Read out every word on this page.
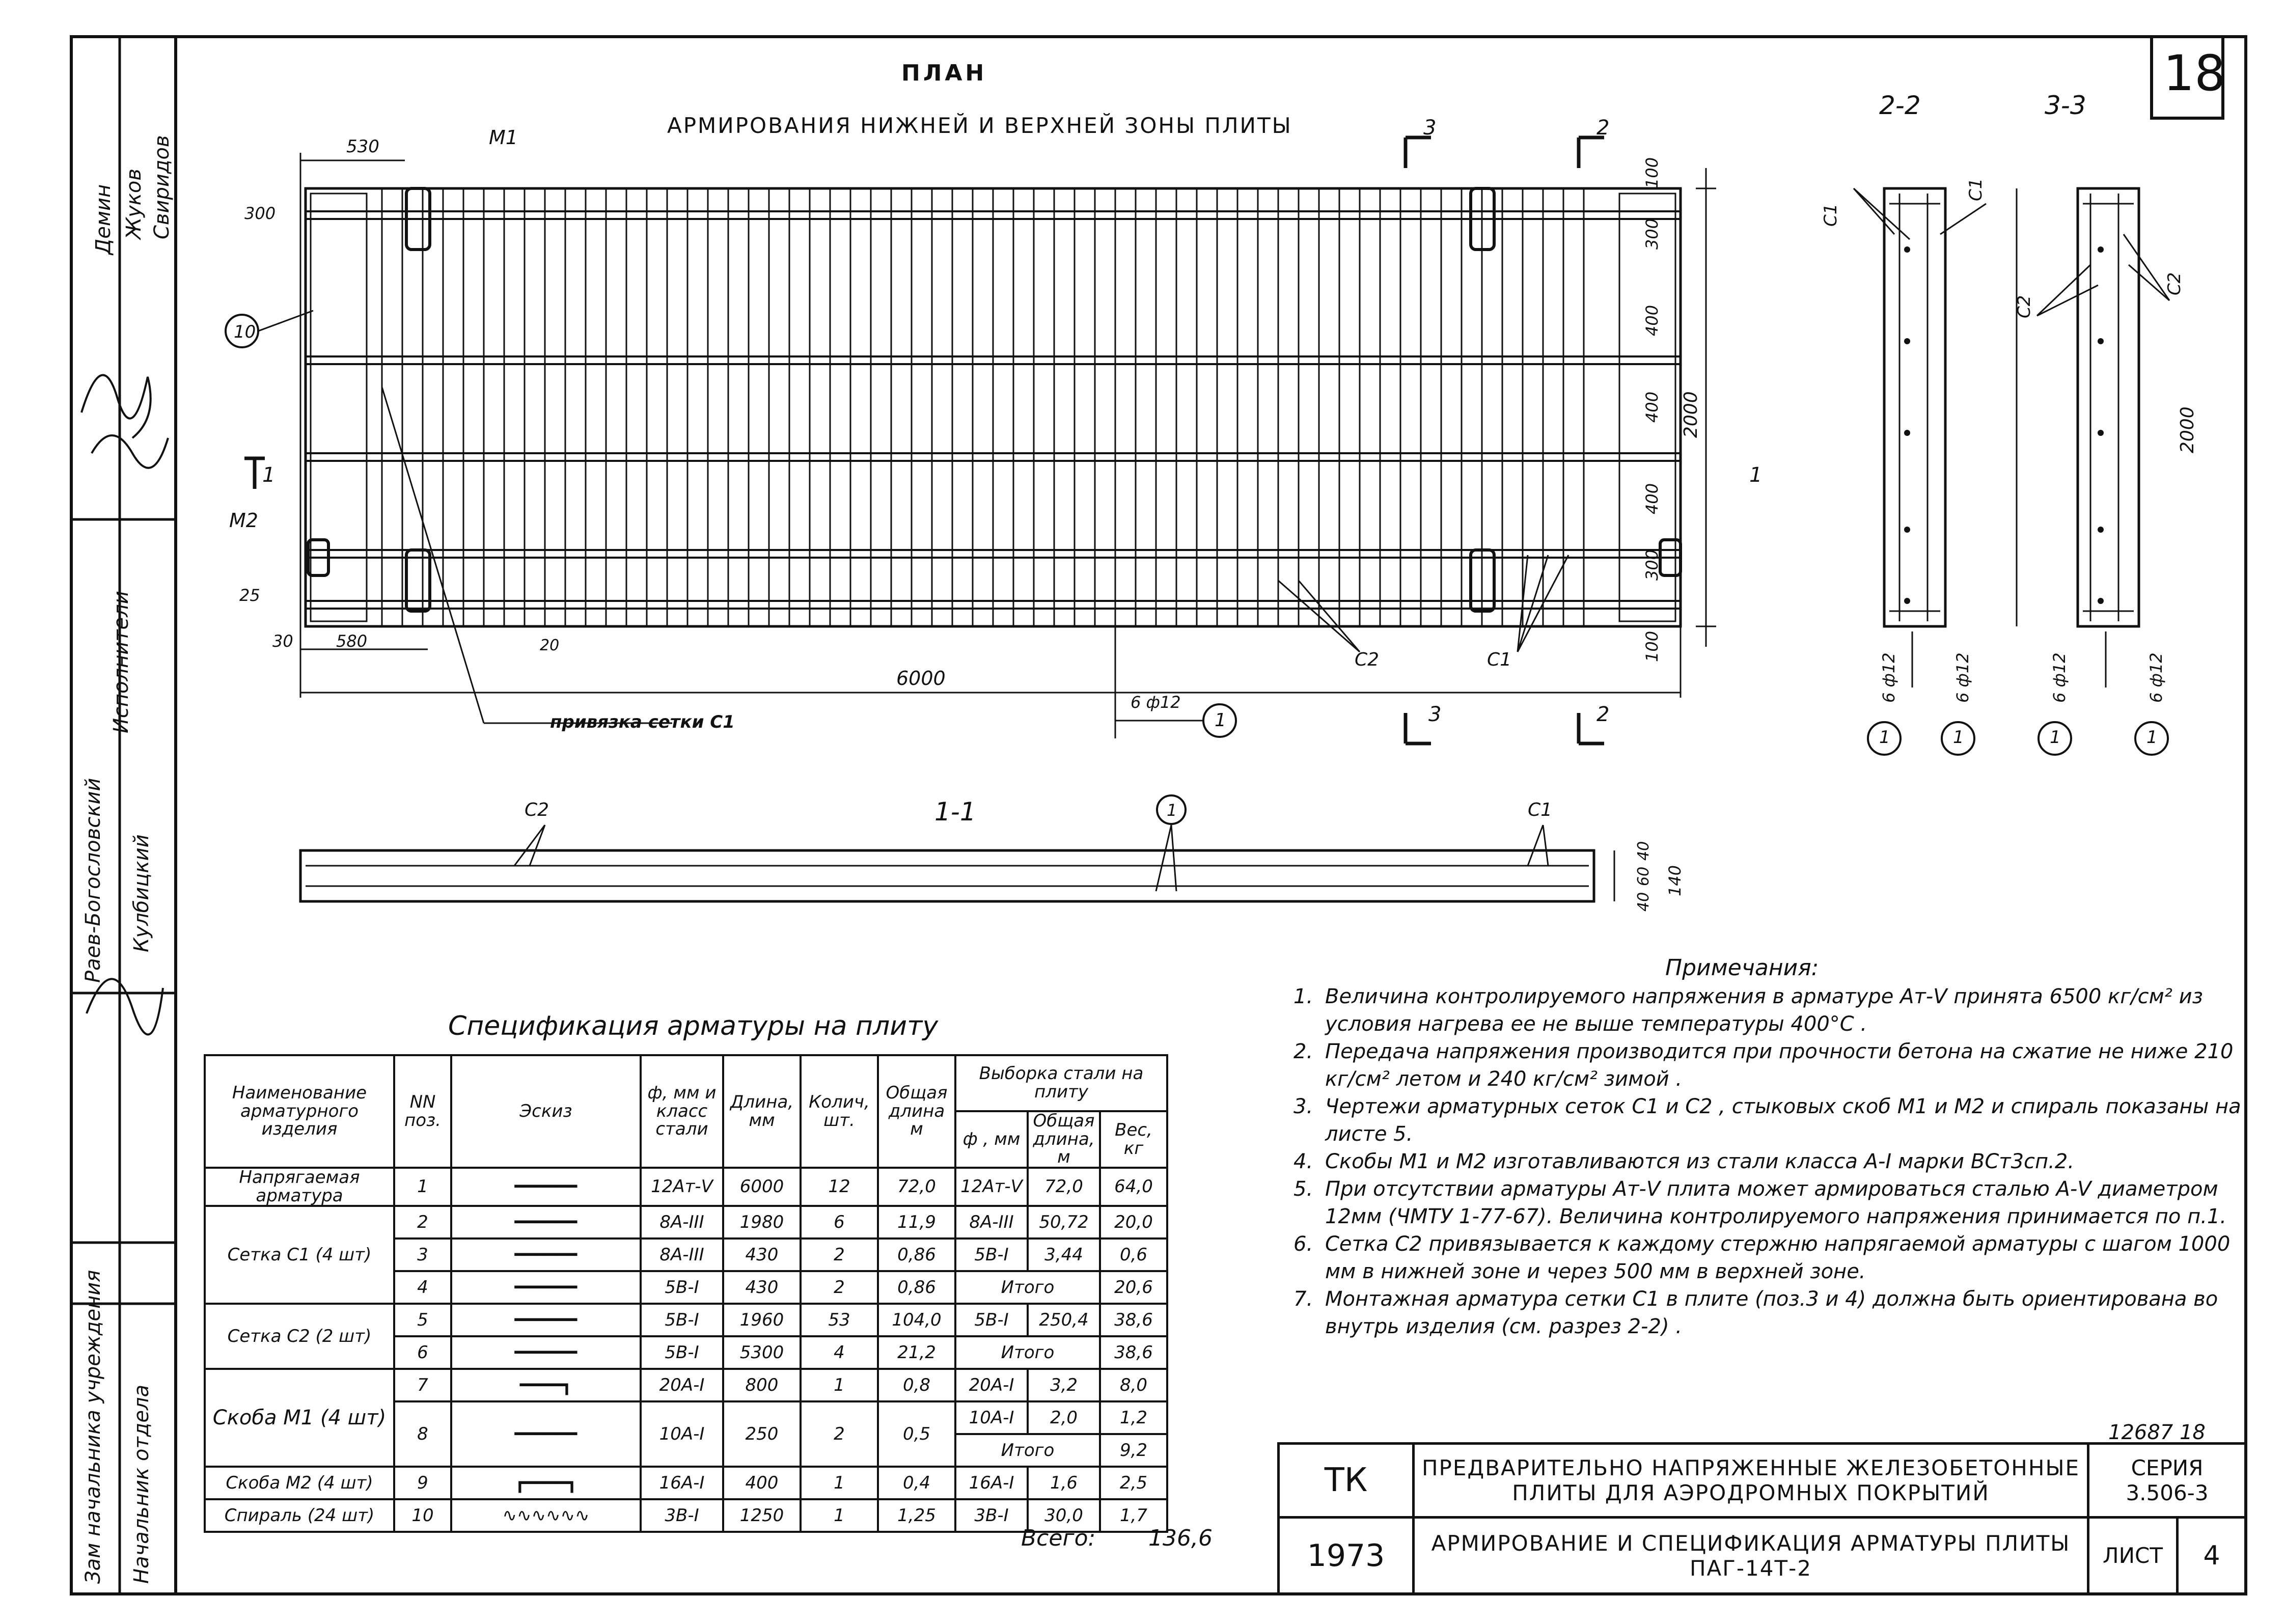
18
Демин Жуков Свиридов
Исполнители
Раев-Богословский Кулбицкий
Зам начальника учреждения Начальник отдела
ПЛАН
АРМИРОВАНИЯ НИЖНЕЙ И ВЕРХНЕЙ ЗОНЫ ПЛИТЫ
530	M1
300
M2
25
30	580	20
6000
10
1
6 ф12
привязка сетки C1
C2	C1
3	2
3	2
1	1
100
300
400
400
400
300
100
2000
2-2	3-3
1	1	1	1
6 ф12	6 ф12	6 ф12	6 ф12
C1
C1
C2
C2
2000
1-1
C2	C1
1
40
60
40
140
Спецификация арматуры на плиту
Наименование арматурного изделия	NN поз.	Эскиз	ф, мм и класс стали	Длина, мм	Колич, шт.	Общая длина м	Выборка стали на плиту		
							ф , мм	Общая длина, м	Вес, кг
Напрягаемая арматура	1	━━━━━━	12Ат-V	6000	12	72,0	12Ат-V	72,0	64,0
Сетка С1 (4 шт)	2	━━━━━━	8А-III	1980	6	11,9	8А-III	50,72	20,0
	3	━━━━━━	8А-III	430	2	0,86	5В-I	3,44	0,6
	4	━━━━━━	5В-I	430	2	0,86	Итого		20,6
Сетка С2 (2 шт)	5	━━━━━━	5В-I	1960	53	104,0	5В-I	250,4	38,6
	6	━━━━━━	5В-I	5300	4	21,2	Итого		38,6
Скоба М1 (4 шт)	7	━━━━┓	20А-I	800	1	0,8	20А-I	3,2	8,0
	8	━━━━━━	10А-I	250	2	0,5	10А-I	2,0	1,2
							Итого		9,2
Скоба М2 (4 шт)	9	┏━━━━┓	16А-I	400	1	0,4	16А-I	1,6	2,5
Спираль (24 шт)	10	∿∿∿∿∿∿	3В-I	1250	1	1,25	3В-I	30,0	1,7
Всего: 136,6
Примечания:
1. Величина контролируемого напряжения в арматуре Ат-V принята 6500 кг/см² из условия нагрева ее не выше температуры 400°С .
2. Передача напряжения производится при прочности бетона на сжатие не ниже 210 кг/см² летом и 240 кг/см² зимой .
3. Чертежи арматурных сеток С1 и С2 , стыковых скоб М1 и М2 и спираль показаны на листе 5.
4. Скобы М1 и М2 изготавливаются из стали класса А-I марки ВСт3сп.2.
5. При отсутствии арматуры Ат-V плита может армироваться сталью А-V диаметром 12мм (ЧМТУ 1-77-67). Величина контролируемого напряжения принимается по п.1.
6. Сетка С2 привязывается к каждому стержню напрягаемой арматуры с шагом 1000 мм в нижней зоне и через 500 мм в верхней зоне.
7. Монтажная арматура сетки С1 в плите (поз.3 и 4) должна быть ориентирована во внутрь изделия (см. разрез 2-2) .
12687 18
ТК	ПРЕДВАРИТЕЛЬНО НАПРЯЖЕННЫЕ ЖЕЛЕЗОБЕТОННЫЕ ПЛИТЫ ДЛЯ АЭРОДРОМНЫХ ПОКРЫТИЙ
СЕРИЯ
3.506-3
1973	АРМИРОВАНИЕ И СПЕЦИФИКАЦИЯ АРМАТУРЫ ПЛИТЫ ПАГ-14Т-2	ЛИСТ	4
